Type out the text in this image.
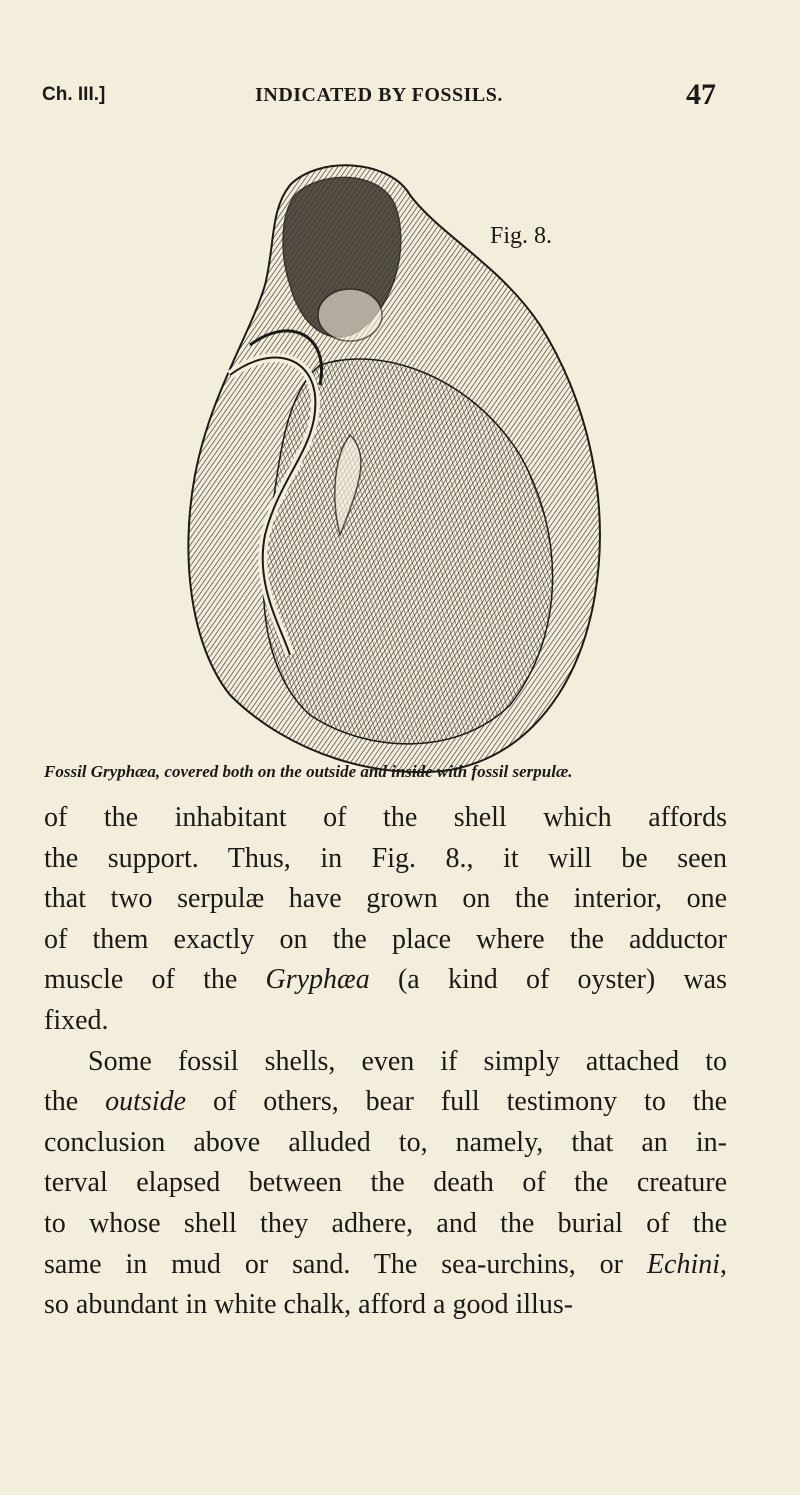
Ch. III.]	INDICATED BY FOSSILS.	47
Fig. 8.
Fossil Gryphæa, covered both on the outside and inside with fossil serpulæ.
of the inhabitant of the shell which affords
the support. Thus, in Fig. 8., it will be seen
that two serpulæ have grown on the interior, one
of them exactly on the place where the adductor
muscle of the Gryphæa (a kind of oyster) was
fixed.
Some fossil shells, even if simply attached to
the outside of others, bear full testimony to the
conclusion above alluded to, namely, that an in-
terval elapsed between the death of the creature
to whose shell they adhere, and the burial of the
same in mud or sand. The sea-urchins, or Echini,
so abundant in white chalk, afford a good illus-
